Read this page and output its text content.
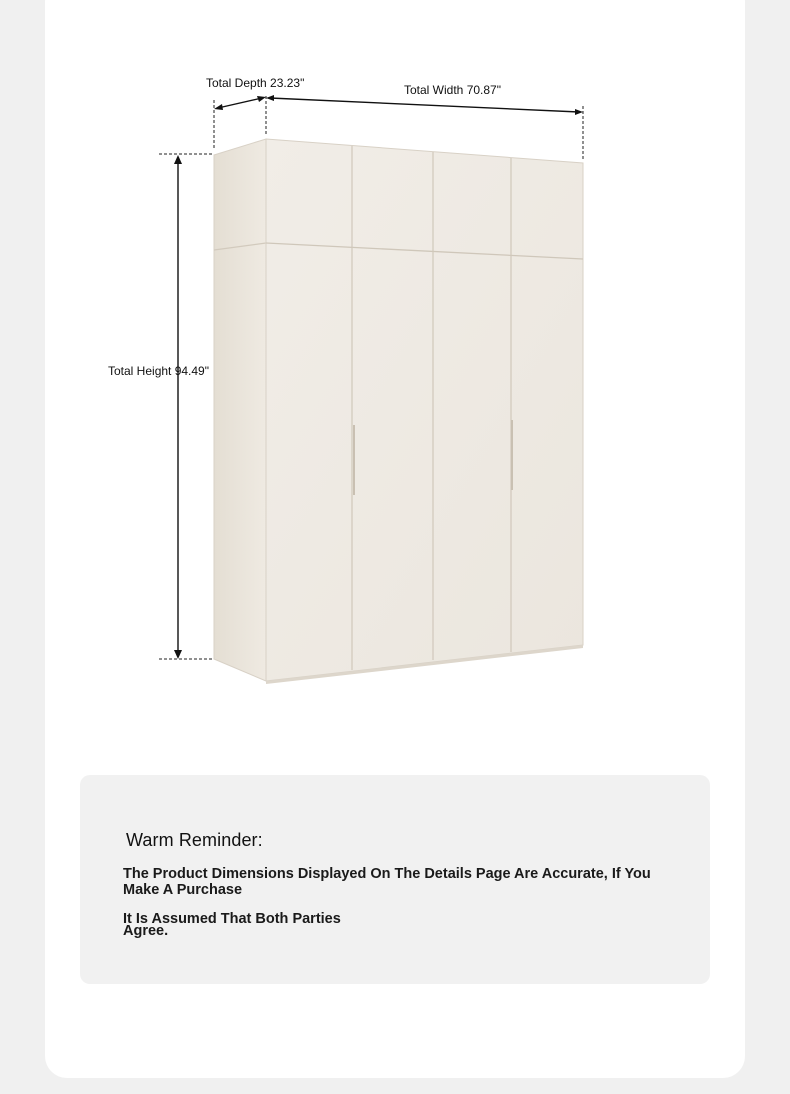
Total Depth 23.23"	Total Width 70.87"
Total Height 94.49"
Warm Reminder:
The Product Dimensions Displayed On The Details Page Are Accurate, If You
Make A Purchase
It Is Assumed That Both Parties
Agree.
